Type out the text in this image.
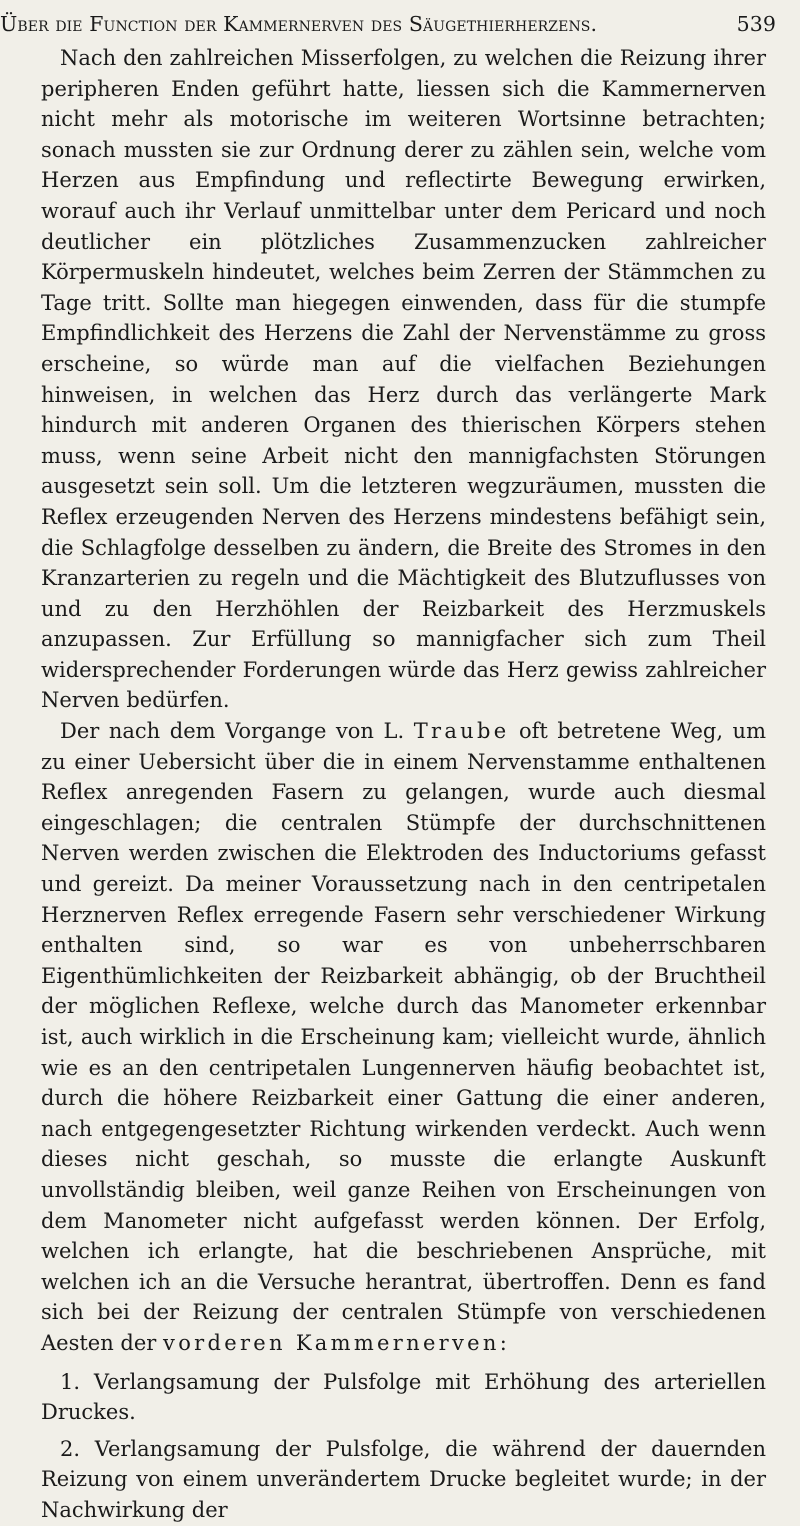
Über die Function der Kammernerven des Säugethierherzens.	539

Nach den zahlreichen Misserfolgen, zu welchen die Reizung ihrer peripheren Enden geführt hatte, liessen sich die Kammernerven nicht mehr als motorische im weiteren Wortsinne betrachten; sonach mussten sie zur Ordnung derer zu zählen sein, welche vom Herzen aus Empfindung und reflectirte Bewegung erwirken, worauf auch ihr Verlauf unmittelbar unter dem Pericard und noch deutlicher ein plötzliches Zusammenzucken zahlreicher Körpermuskeln hindeutet, welches beim Zerren der Stämmchen zu Tage tritt. Sollte man hiegegen einwenden, dass für die stumpfe Empfindlichkeit des Herzens die Zahl der Nervenstämme zu gross erscheine, so würde man auf die vielfachen Beziehungen hinweisen, in welchen das Herz durch das verlängerte Mark hindurch mit anderen Organen des thierischen Körpers stehen muss, wenn seine Arbeit nicht den mannigfachsten Störungen ausgesetzt sein soll. Um die letzteren wegzuräumen, mussten die Reflex erzeugenden Nerven des Herzens mindestens befähigt sein, die Schlagfolge desselben zu ändern, die Breite des Stromes in den Kranzarterien zu regeln und die Mächtigkeit des Blutzuflusses von und zu den Herzhöhlen der Reizbarkeit des Herzmuskels anzupassen. Zur Erfüllung so mannigfacher sich zum Theil widersprechender Forderungen würde das Herz gewiss zahlreicher Nerven bedürfen.

Der nach dem Vorgange von L. Traube oft betretene Weg, um zu einer Uebersicht über die in einem Nervenstamme enthaltenen Reflex anregenden Fasern zu gelangen, wurde auch diesmal eingeschlagen; die centralen Stümpfe der durchschnittenen Nerven werden zwischen die Elektroden des Inductoriums gefasst und gereizt. Da meiner Voraussetzung nach in den centripetalen Herznerven Reflex erregende Fasern sehr verschiedener Wirkung enthalten sind, so war es von unbeherrschbaren Eigenthümlichkeiten der Reizbarkeit abhängig, ob der Bruchtheil der möglichen Reflexe, welche durch das Manometer erkennbar ist, auch wirklich in die Erscheinung kam; vielleicht wurde, ähnlich wie es an den centripetalen Lungennerven häufig beobachtet ist, durch die höhere Reizbarkeit einer Gattung die einer anderen, nach entgegengesetzter Richtung wirkenden verdeckt. Auch wenn dieses nicht geschah, so musste die erlangte Auskunft unvollständig bleiben, weil ganze Reihen von Erscheinungen von dem Manometer nicht aufgefasst werden können. Der Erfolg, welchen ich erlangte, hat die beschriebenen Ansprüche, mit welchen ich an die Versuche herantrat, übertroffen. Denn es fand sich bei der Reizung der centralen Stümpfe von verschiedenen Aesten der vorderen Kammernerven:

1. Verlangsamung der Pulsfolge mit Erhöhung des arteriellen Druckes.

2. Verlangsamung der Pulsfolge, die während der dauernden Reizung von einem unverändertem Drucke begleitet wurde; in der Nachwirkung der
